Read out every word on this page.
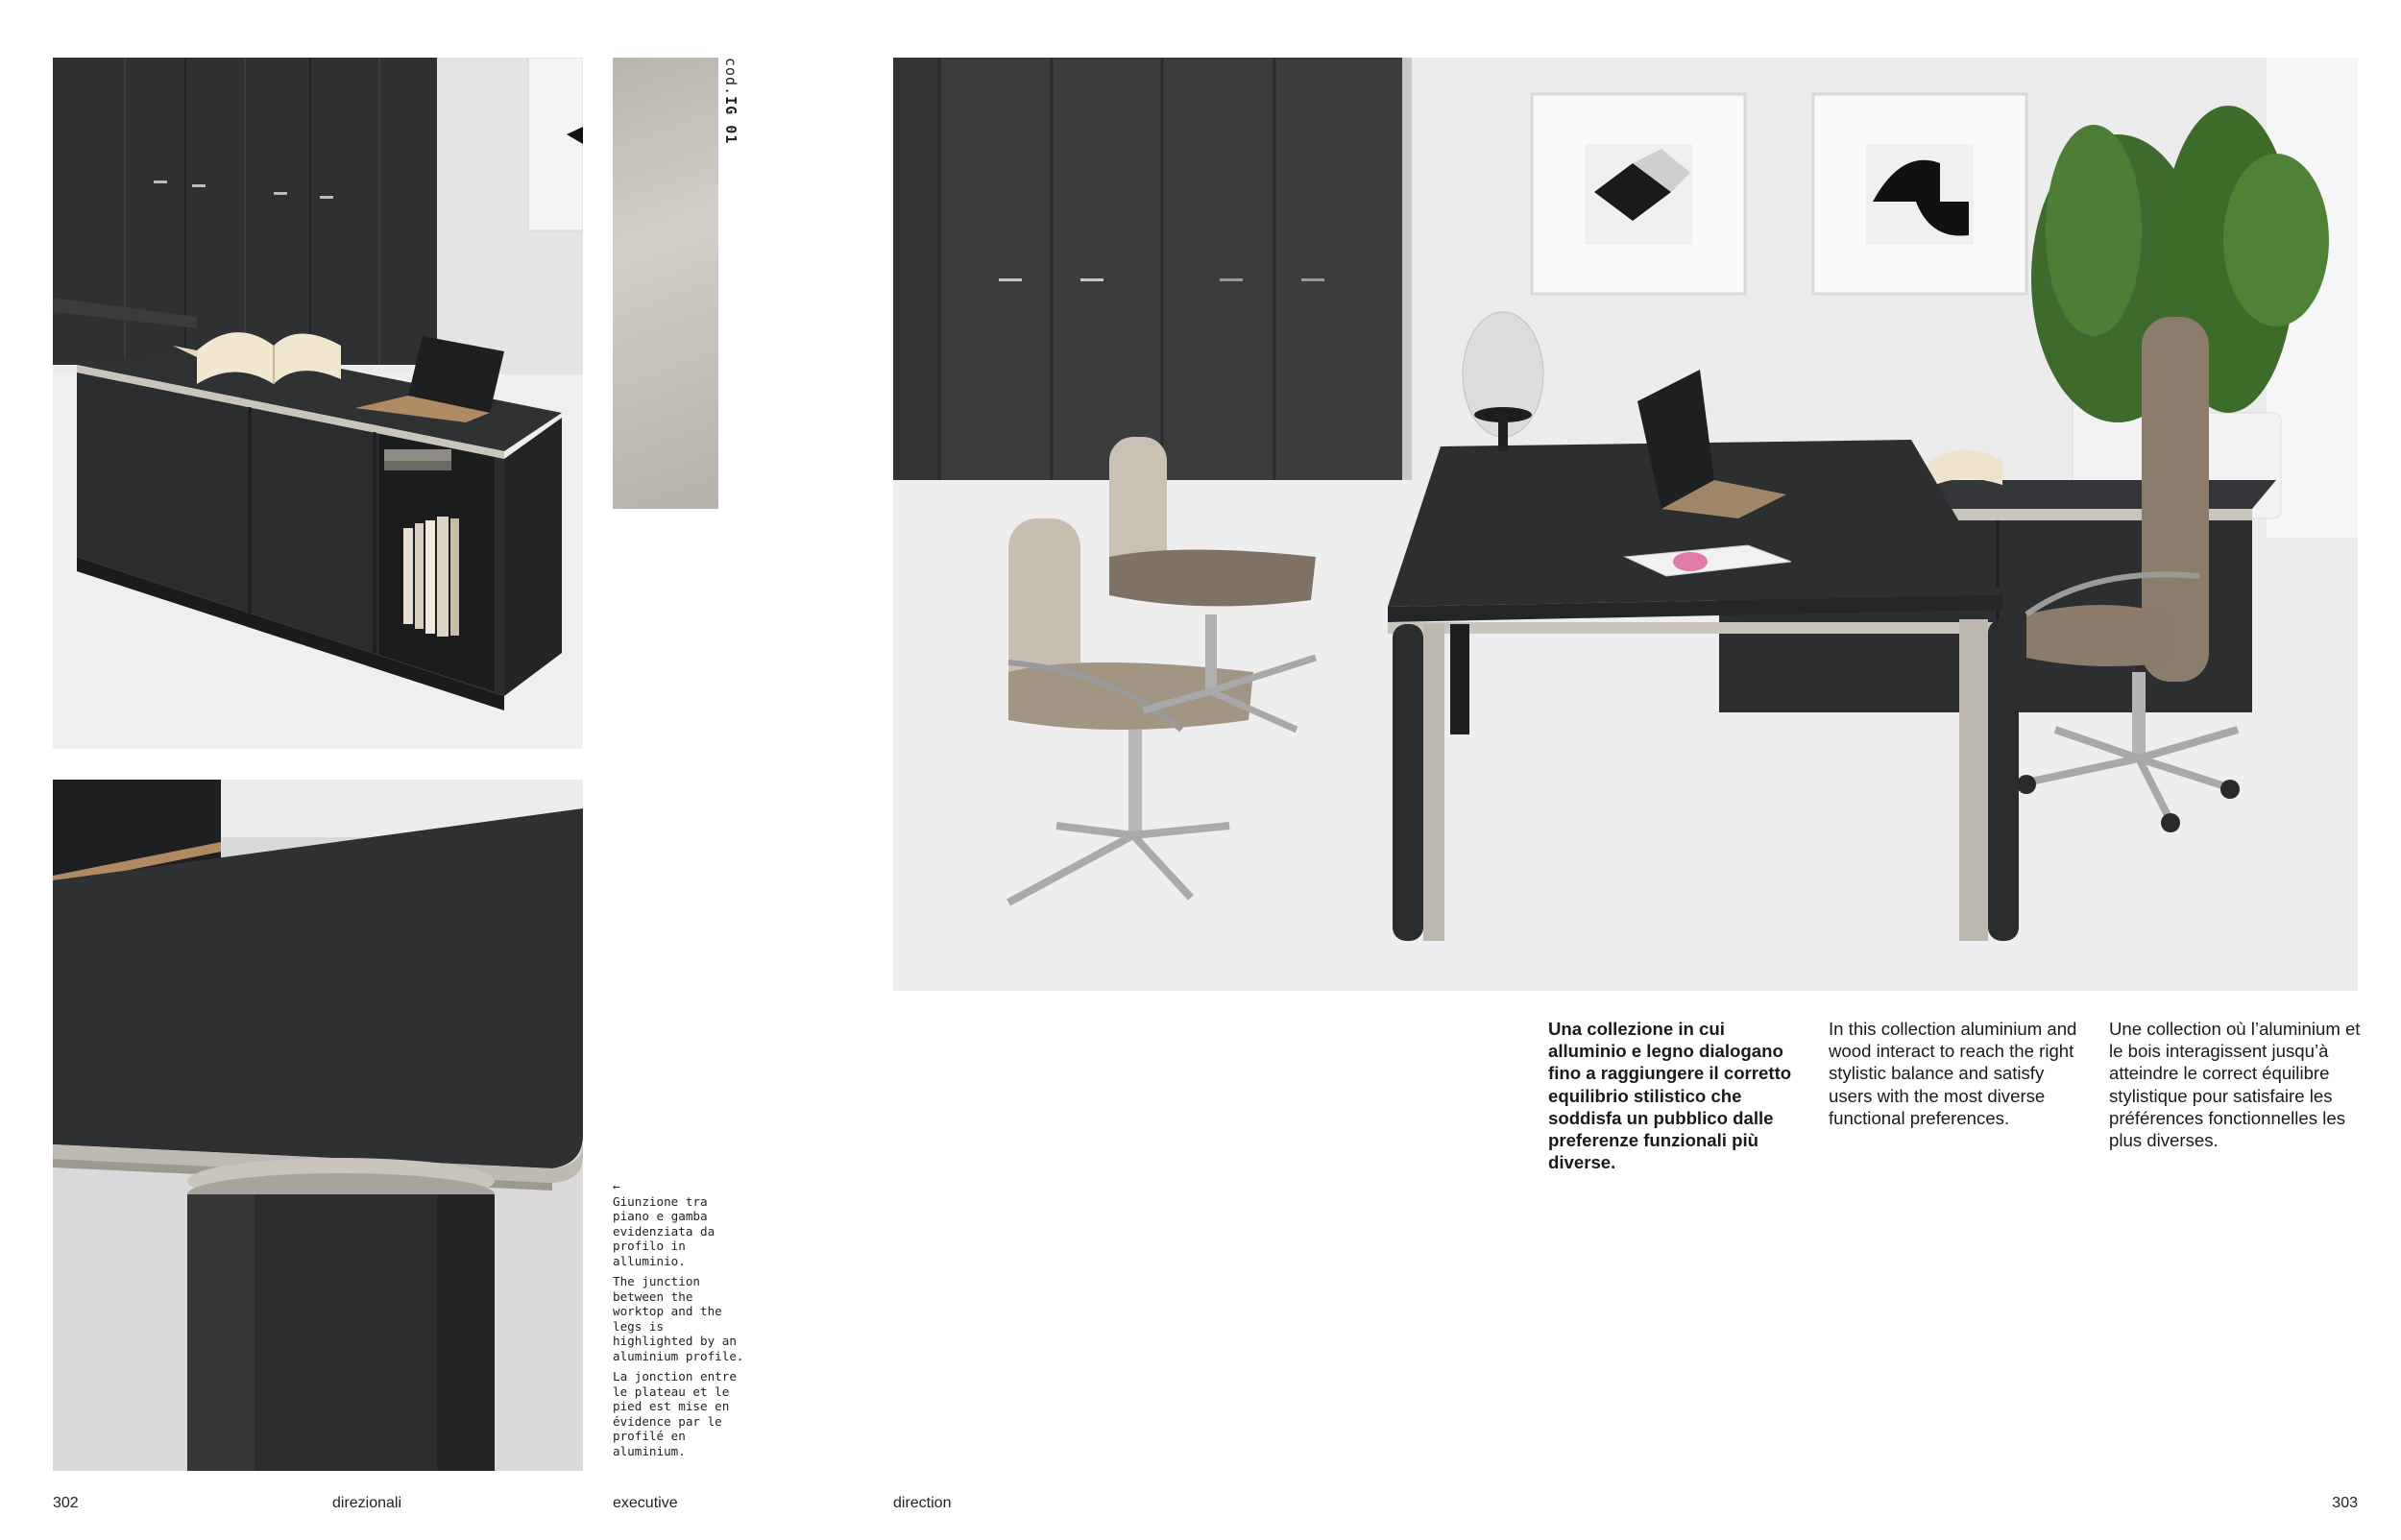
cod.IG 01
←

Giunzione tra piano e gamba evidenziata da profilo in alluminio.

The junction between the worktop and the legs is highlighted by an aluminium profile.

La jonction entre le plateau et le pied est mise en évidence par le profilé en aluminium.

Una collezione in cui alluminio e legno dialogano fino a raggiungere il corretto equilibrio stilistico che soddisfa un pubblico dalle preferenze funzionali più diverse.
In this collection aluminium and wood interact to reach the right stylistic balance and satisfy users with the most diverse functional preferences.
Une collection où l’aluminium et le bois interagissent jusqu’à atteindre le correct équilibre stylistique pour satisfaire les préférences fonctionnelles les plus diverses.
302	direzionali	executive	direction	303
